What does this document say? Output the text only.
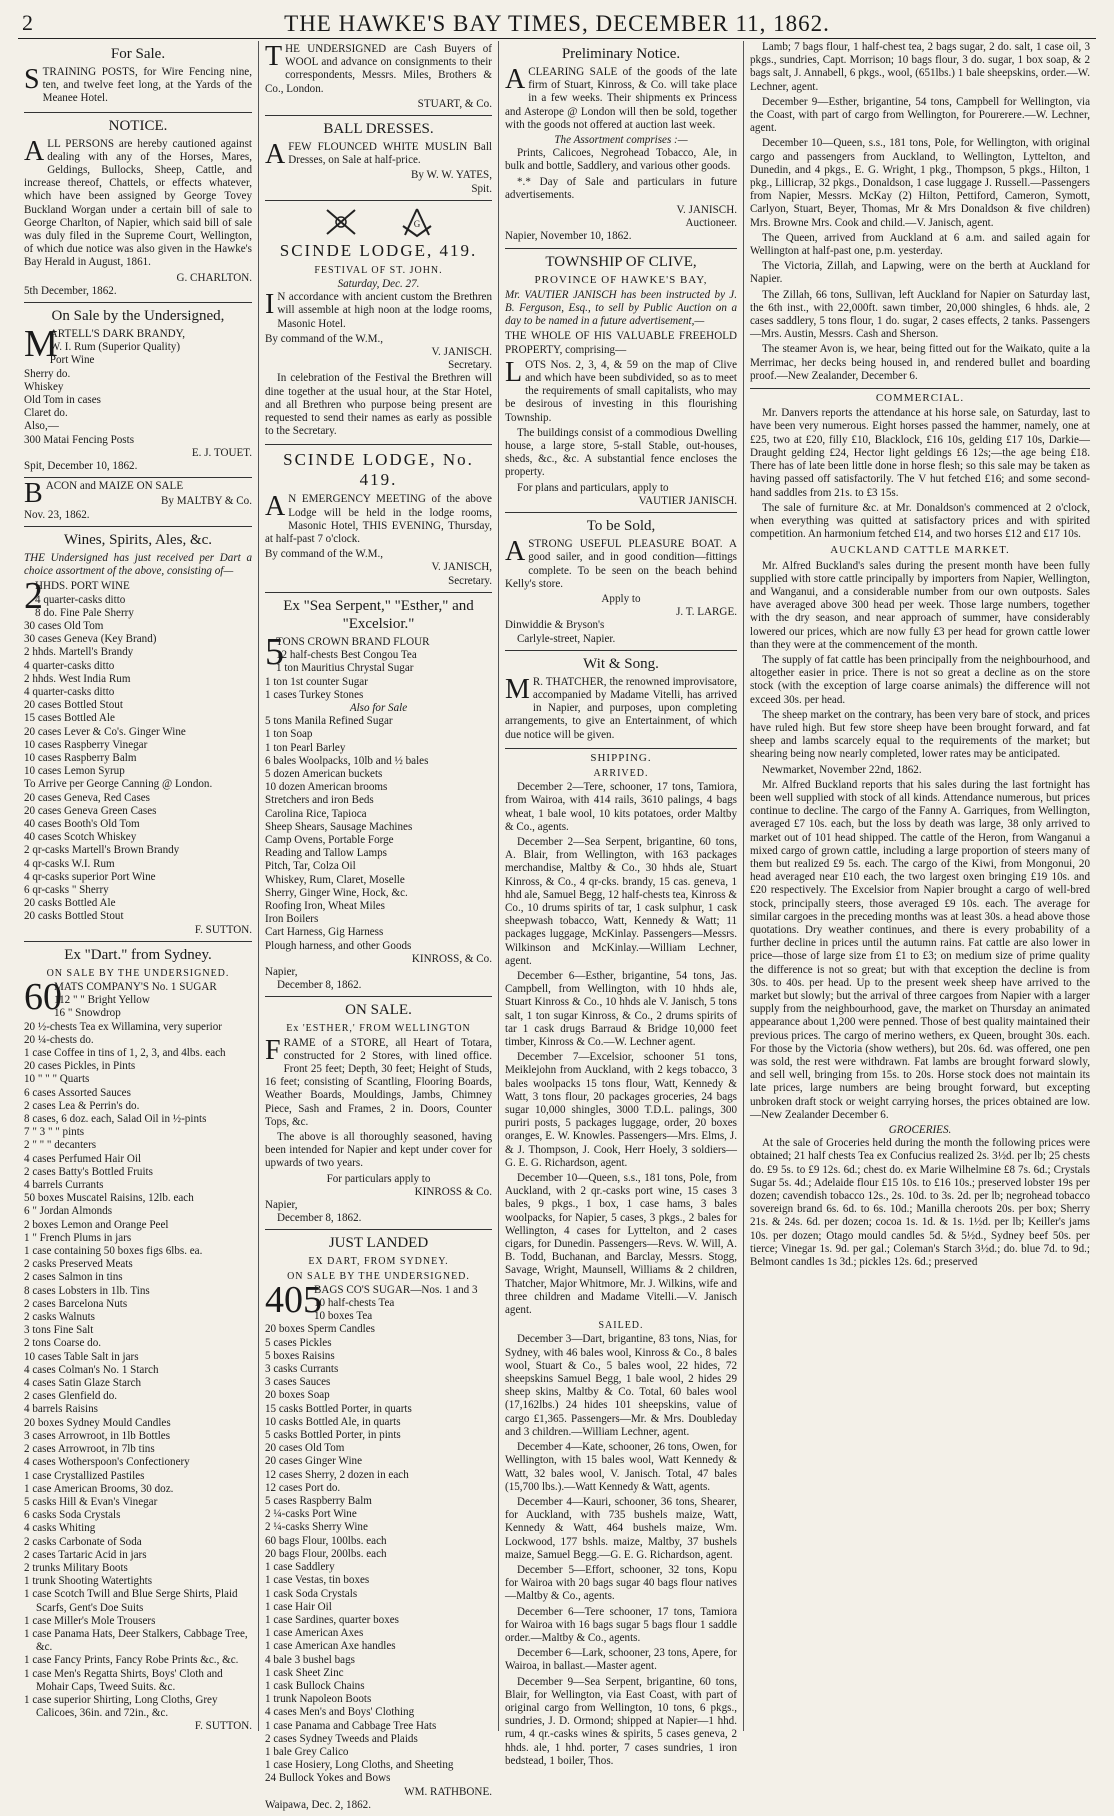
2	THE HAWKE'S BAY TIMES, DECEMBER 11, 1862.
For Sale.

STRAINING POSTS, for Wire Fencing nine, ten, and twelve feet long, at the Yards of the Meanee Hotel.

NOTICE.

ALL PERSONS are hereby cautioned against dealing with any of the Horses, Mares, Geldings, Bullocks, Sheep, Cattle, and increase thereof, Chattels, or effects whatever, which have been assigned by George Tovey Buckland Worgan under a certain bill of sale to George Charlton, of Napier, which said bill of sale was duly filed in the Supreme Court, Wellington, of which due notice was also given in the Hawke's Bay Herald in August, 1861.

G. CHARLTON.
5th December, 1862.
On Sale by the Undersigned,
M
ARTELL'S DARK BRANDY,
W. I. Rum (Superior Quality)
Port Wine
Sherry do.
Whiskey
Old Tom in cases
Claret do.
Also,—
300 Matai Fencing Posts
E. J. TOUET.
Spit, December 10, 1862.

BACON and MAIZE ON SALE

By MALTBY & Co.
Nov. 23, 1862.
Wines, Spirits, Ales, &c.

THE Undersigned has just received per Dart a choice assortment of the above, consisting of—

2
HHDS. PORT WINE
4 quarter-casks ditto
8 do. Fine Pale Sherry
30 cases Old Tom
30 cases Geneva (Key Brand)
2 hhds. Martell's Brandy
4 quarter-casks ditto
2 hhds. West India Rum
4 quarter-casks ditto
20 cases Bottled Stout
15 cases Bottled Ale
20 cases Lever & Co's. Ginger Wine
10 cases Raspberry Vinegar
10 cases Raspberry Balm
10 cases Lemon Syrup
To Arrive per George Canning @ London.
20 cases Geneva, Red Cases
20 cases Geneva Green Cases
40 cases Booth's Old Tom
40 cases Scotch Whiskey
2 qr-casks Martell's Brown Brandy
4 qr-casks W.I. Rum
4 qr-casks superior Port Wine
6 qr-casks " Sherry
20 casks Bottled Ale
20 casks Bottled Stout
F. SUTTON.
Ex "Dart." from Sydney.
ON SALE BY THE UNDERSIGNED.
60
MATS COMPANY'S No. 1 SUGAR
112 " " Bright Yellow
16 " Snowdrop
20 ½-chests Tea ex Willamina, very superior
20 ¼-chests do.
1 case Coffee in tins of 1, 2, 3, and 4lbs. each
20 cases Pickles, in Pints
10 " " " Quarts
6 cases Assorted Sauces
2 cases Lea & Perrin's do.
8 cases, 6 doz. each, Salad Oil in ½-pints
7 " 3 " " pints
2 " " " decanters
4 cases Perfumed Hair Oil
2 cases Batty's Bottled Fruits
4 barrels Currants
50 boxes Muscatel Raisins, 12lb. each
6 " Jordan Almonds
2 boxes Lemon and Orange Peel
1 " French Plums in jars
1 case containing 50 boxes figs 6lbs. ea.
2 casks Preserved Meats
2 cases Salmon in tins
8 cases Lobsters in 1lb. Tins
2 cases Barcelona Nuts
2 casks Walnuts
3 tons Fine Salt
2 tons Coarse do.
10 cases Table Salt in jars
4 cases Colman's No. 1 Starch
4 cases Satin Glaze Starch
2 cases Glenfield do.
4 barrels Raisins
20 boxes Sydney Mould Candles
3 cases Arrowroot, in 1lb Bottles
2 cases Arrowroot, in 7lb tins
4 cases Wotherspoon's Confectionery
1 case Crystallized Pastiles
1 case American Brooms, 30 doz.
5 casks Hill & Evan's Vinegar
6 casks Soda Crystals
4 casks Whiting
2 casks Carbonate of Soda
2 cases Tartaric Acid in jars
2 trunks Military Boots
1 trunk Shooting Watertights
1 case Scotch Twill and Blue Serge Shirts, Plaid Scarfs, Gent's Doe Suits
1 case Miller's Mole Trousers
1 case Panama Hats, Deer Stalkers, Cabbage Tree, &c.
1 case Fancy Prints, Fancy Robe Prints &c., &c.
1 case Men's Regatta Shirts, Boys' Cloth and Mohair Caps, Tweed Suits. &c.
1 case superior Shirting, Long Cloths, Grey Calicoes, 36in. and 72in., &c.
F. SUTTON.

THE UNDERSIGNED are Cash Buyers of WOOL and advance on consignments to their correspondents, Messrs. Miles, Brothers & Co., London.

STUART, & Co.
BALL DRESSES.

AFEW FLOUNCED WHITE MUSLIN Ball Dresses, on Sale at half-price.

By W. W. YATES,
Spit.
G
SCINDE LODGE, 419.
FESTIVAL OF ST. JOHN.
Saturday, Dec. 27.

I N accordance with ancient custom the Brethren will assemble at high noon at the lodge rooms, Masonic Hotel.

By command of the W.M.,
V. JANISCH.
Secretary.

In celebration of the Festival the Brethren will dine together at the usual hour, at the Star Hotel, and all Brethren who purpose being present are requested to send their names as early as possible to the Secretary.

SCINDE LODGE, No. 419.

A N EMERGENCY MEETING of the above Lodge will be held in the lodge rooms, Masonic Hotel, THIS EVENING, Thursday, at half-past 7 o'clock.

By command of the W.M.,
V. JANISCH,
Secretary.
Ex "Sea Serpent," "Esther," and "Excelsior."
5
TONS CROWN BRAND FLOUR
12 half-chests Best Congou Tea
1 ton Mauritius Chrystal Sugar
1 ton 1st counter Sugar
1 cases Turkey Stones
Also for Sale
5 tons Manila Refined Sugar
1 ton Soap
1 ton Pearl Barley
6 bales Woolpacks, 10lb and ½ bales
5 dozen American buckets
10 dozen American brooms
Stretchers and iron Beds
Carolina Rice, Tapioca
Sheep Shears, Sausage Machines
Camp Ovens, Portable Forge
Reading and Tallow Lamps
Pitch, Tar, Colza Oil
Whiskey, Rum, Claret, Moselle
Sherry, Ginger Wine, Hock, &c.
Roofing Iron, Wheat Miles
Iron Boilers
Cart Harness, Gig Harness
Plough harness, and other Goods
KINROSS, & Co.
Napier,
December 8, 1862.
ON SALE.
Ex 'ESTHER,' FROM WELLINGTON

FRAME of a STORE, all Heart of Totara, constructed for 2 Stores, with lined office. Front 25 feet; Depth, 30 feet; Height of Studs, 16 feet; consisting of Scantling, Flooring Boards, Weather Boards, Mouldings, Jambs, Chimney Piece, Sash and Frames, 2 in. Doors, Counter Tops, &c.

The above is all thoroughly seasoned, having been intended for Napier and kept under cover for upwards of two years.

For particulars apply to
KINROSS & Co.
Napier,
December 8, 1862.
JUST LANDED
EX DART, FROM SYDNEY.
ON SALE BY THE UNDERSIGNED.
405
BAGS CO'S SUGAR—Nos. 1 and 3
10 half-chests Tea
10 boxes Tea
20 boxes Sperm Candles
5 cases Pickles
5 boxes Raisins
3 casks Currants
3 cases Sauces
20 boxes Soap
15 casks Bottled Porter, in quarts
10 casks Bottled Ale, in quarts
5 casks Bottled Porter, in pints
20 cases Old Tom
20 cases Ginger Wine
12 cases Sherry, 2 dozen in each
12 cases Port do.
5 cases Raspberry Balm
2 ¼-casks Port Wine
2 ¼-casks Sherry Wine
60 bags Flour, 100lbs. each
20 bags Flour, 200lbs. each
1 case Saddlery
1 case Vestas, tin boxes
1 cask Soda Crystals
1 case Hair Oil
1 case Sardines, quarter boxes
1 case American Axes
1 case American Axe handles
4 bale 3 bushel bags
1 cask Sheet Zinc
1 cask Bullock Chains
1 trunk Napoleon Boots
4 cases Men's and Boys' Clothing
1 case Panama and Cabbage Tree Hats
2 cases Sydney Tweeds and Plaids
1 bale Grey Calico
1 case Hosiery, Long Cloths, and Sheeting
24 Bullock Yokes and Bows
WM. RATHBONE.
Waipawa, Dec. 2, 1862.
Preliminary Notice.

ACLEARING SALE of the goods of the late firm of Stuart, Kinross, & Co. will take place in a few weeks. Their shipments ex Princess and Asterope @ London will then be sold, together with the goods not offered at auction last week.

The Assortment comprises :—

Prints, Calicoes, Negrohead Tobacco, Ale, in bulk and bottle, Saddlery, and various other goods.

*.* Day of Sale and particulars in future advertisements.

V. JANISCH.
Auctioneer.
Napier, November 10, 1862.
TOWNSHIP OF CLIVE,
PROVINCE OF HAWKE'S BAY,

Mr. VAUTIER JANISCH has been instructed by J. B. Ferguson, Esq., to sell by Public Auction on a day to be named in a future advertisement,—

THE WHOLE OF HIS VALUABLE FREEHOLD PROPERTY, comprising—

LOTS Nos. 2, 3, 4, & 59 on the map of Clive and which have been subdivided, so as to meet the requirements of small capitalists, who may be desirous of investing in this flourishing Township.

The buildings consist of a commodious Dwelling house, a large store, 5-stall Stable, out-houses, sheds, &c., &c. A substantial fence encloses the property.

For plans and particulars, apply to
VAUTIER JANISCH.
To be Sold,

ASTRONG USEFUL PLEASURE BOAT. A good sailer, and in good condition—fittings complete. To be seen on the beach behind Kelly's store.

Apply to
J. T. LARGE.
Dinwiddie & Bryson's
Carlyle-street, Napier.
Wit & Song.

M R. THATCHER, the renowned improvisatore, accompanied by Madame Vitelli, has arrived in Napier, and purposes, upon completing arrangements, to give an Entertainment, of which due notice will be given.

SHIPPING.
ARRIVED.

December 2—Tere, schooner, 17 tons, Tamiora, from Wairoa, with 414 rails, 3610 palings, 4 bags wheat, 1 bale wool, 10 kits potatoes, order Maltby & Co., agents.

December 2—Sea Serpent, brigantine, 60 tons, A. Blair, from Wellington, with 163 packages merchandise, Maltby & Co., 30 hhds ale, Stuart Kinross, & Co., 4 qr-cks. brandy, 15 cas. geneva, 1 hhd ale, Samuel Begg, 12 half-chests tea, Kinross & Co., 10 drums spirits of tar, 1 cask sulphur, 1 cask sheepwash tobacco, Watt, Kennedy & Watt; 11 packages luggage, McKinlay. Passengers—Messrs. Wilkinson and McKinlay.—William Lechner, agent.

December 6—Esther, brigantine, 54 tons, Jas. Campbell, from Wellington, with 10 hhds ale, Stuart Kinross & Co., 10 hhds ale V. Janisch, 5 tons salt, 1 ton sugar Kinross, & Co., 2 drums spirits of tar 1 cask drugs Barraud & Bridge 10,000 feet timber, Kinross & Co.—W. Lechner agent.

December 7—Excelsior, schooner 51 tons, Meiklejohn from Auckland, with 2 kegs tobacco, 3 bales woolpacks 15 tons flour, Watt, Kennedy & Watt, 3 tons flour, 20 packages groceries, 24 bags sugar 10,000 shingles, 3000 T.D.L. palings, 300 puriri posts, 5 packages luggage, order, 20 boxes oranges, E. W. Knowles. Passengers—Mrs. Elms, J. & J. Thompson, J. Cook, Herr Hoely, 3 soldiers—G. E. G. Richardson, agent.

December 10—Queen, s.s., 181 tons, Pole, from Auckland, with 2 qr.-casks port wine, 15 cases 3 bales, 9 pkgs., 1 box, 1 case hams, 3 bales woolpacks, for Napier, 5 cases, 3 pkgs., 2 bales for Wellington, 4 cases for Lyttelton, and 2 cases cigars, for Dunedin. Passengers—Revs. W. Will, A. B. Todd, Buchanan, and Barclay, Messrs. Stogg, Savage, Wright, Maunsell, Williams & 2 children, Thatcher, Major Whitmore, Mr. J. Wilkins, wife and three children and Madame Vitelli.—V. Janisch agent.

SAILED.

December 3—Dart, brigantine, 83 tons, Nias, for Sydney, with 46 bales wool, Kinross & Co., 8 bales wool, Stuart & Co., 5 bales wool, 22 hides, 72 sheepskins Samuel Begg, 1 bale wool, 2 hides 29 sheep skins, Maltby & Co. Total, 60 bales wool (17,162lbs.) 24 hides 101 sheepskins, value of cargo £1,365. Passengers—Mr. & Mrs. Doubleday and 3 children.—William Lechner, agent.

December 4—Kate, schooner, 26 tons, Owen, for Wellington, with 15 bales wool, Watt Kennedy & Watt, 32 bales wool, V. Janisch. Total, 47 bales (15,700 lbs.).—Watt Kennedy & Watt, agents.

December 4—Kauri, schooner, 36 tons, Shearer, for Auckland, with 735 bushels maize, Watt, Kennedy & Watt, 464 bushels maize, Wm. Lockwood, 177 bshls. maize, Maltby, 37 bushels maize, Samuel Begg.—G. E. G. Richardson, agent.

December 5—Effort, schooner, 32 tons, Kopu for Wairoa with 20 bags sugar 40 bags flour natives—Maltby & Co., agents.

December 6—Tere schooner, 17 tons, Tamiora for Wairoa with 16 bags sugar 5 bags flour 1 saddle order.—Maltby & Co., agents.

December 6—Lark, schooner, 23 tons, Apere, for Wairoa, in ballast.—Master agent.

December 9—Sea Serpent, brigantine, 60 tons, Blair, for Wellington, via East Coast, with part of original cargo from Wellington, 10 tons, 6 pkgs., sundries, J. D. Ormond; shipped at Napier—1 hhd. rum, 4 qr.-casks wines & spirits, 5 cases geneva, 2 hhds. ale, 1 hhd. porter, 7 cases sundries, 1 iron bedstead, 1 boiler, Thos.

Lamb; 7 bags flour, 1 half-chest tea, 2 bags sugar, 2 do. salt, 1 case oil, 3 pkgs., sundries, Capt. Morrison; 10 bags flour, 3 do. sugar, 1 box soap, & 2 bags salt, J. Annabell, 6 pkgs., wool, (651lbs.) 1 bale sheepskins, order.—W. Lechner, agent.

December 9—Esther, brigantine, 54 tons, Campbell for Wellington, via the Coast, with part of cargo from Wellington, for Pourerere.—W. Lechner, agent.

December 10—Queen, s.s., 181 tons, Pole, for Wellington, with original cargo and passengers from Auckland, to Wellington, Lyttelton, and Dunedin, and 4 pkgs., E. G. Wright, 1 pkg., Thompson, 5 pkgs., Hilton, 1 pkg., Lillicrap, 32 pkgs., Donaldson, 1 case luggage J. Russell.—Passengers from Napier, Messrs. McKay (2) Hilton, Pettiford, Cameron, Symott, Carlyon, Stuart, Beyer, Thomas, Mr & Mrs Donaldson & five children) Mrs. Browne Mrs. Cook and child.—V. Janisch, agent.

The Queen, arrived from Auckland at 6 a.m. and sailed again for Wellington at half-past one, p.m. yesterday.

The Victoria, Zillah, and Lapwing, were on the berth at Auckland for Napier.

The Zillah, 66 tons, Sullivan, left Auckland for Napier on Saturday last, the 6th inst., with 22,000ft. sawn timber, 20,000 shingles, 6 hhds. ale, 2 cases saddlery, 5 tons flour, 1 do. sugar, 2 cases effects, 2 tanks. Passengers—Mrs. Austin, Messrs. Cash and Sherson.

The steamer Avon is, we hear, being fitted out for the Waikato, quite a la Merrimac, her decks being housed in, and rendered bullet and boarding proof.—New Zealander, December 6.

COMMERCIAL.

Mr. Danvers reports the attendance at his horse sale, on Saturday, last to have been very numerous. Eight horses passed the hammer, namely, one at £25, two at £20, filly £10, Blacklock, £16 10s, gelding £17 10s, Darkie—Draught gelding £24, Hector light geldings £6 12s;—the age being £18. There has of late been little done in horse flesh; so this sale may be taken as having passed off satisfactorily. The V hut fetched £16; and some second-hand saddles from 21s. to £3 15s.

The sale of furniture &c. at Mr. Donaldson's commenced at 2 o'clock, when everything was quitted at satisfactory prices and with spirited competition. An harmonium fetched £14, and two horses £12 and £17 10s.

AUCKLAND CATTLE MARKET.

Mr. Alfred Buckland's sales during the present month have been fully supplied with store cattle principally by importers from Napier, Wellington, and Wanganui, and a considerable number from our own outposts. Sales have averaged above 300 head per week. Those large numbers, together with the dry season, and near approach of summer, have considerably lowered our prices, which are now fully £3 per head for grown cattle lower than they were at the commencement of the month.

The supply of fat cattle has been principally from the neighbourhood, and altogether easier in price. There is not so great a decline as on the store stock (with the exception of large coarse animals) the difference will not exceed 30s. per head.

The sheep market on the contrary, has been very bare of stock, and prices have ruled high. But few store sheep have been brought forward, and fat sheep and lambs scarcely equal to the requirements of the market; but shearing being now nearly completed, lower rates may be anticipated.

Newmarket, November 22nd, 1862.

Mr. Alfred Buckland reports that his sales during the last fortnight has been well supplied with stock of all kinds. Attendance numerous, but prices continue to decline. The cargo of the Fanny A. Garriques, from Wellington, averaged £7 10s. each, but the loss by death was large, 38 only arrived to market out of 101 head shipped. The cattle of the Heron, from Wanganui a mixed cargo of grown cattle, including a large proportion of steers many of them but realized £9 5s. each. The cargo of the Kiwi, from Mongonui, 20 head averaged near £10 each, the two largest oxen bringing £19 10s. and £20 respectively. The Excelsior from Napier brought a cargo of well-bred stock, principally steers, those averaged £9 10s. each. The average for similar cargoes in the preceding months was at least 30s. a head above those quotations. Dry weather continues, and there is every probability of a further decline in prices until the autumn rains. Fat cattle are also lower in price—those of large size from £1 to £3; on medium size of prime quality the difference is not so great; but with that exception the decline is from 30s. to 40s. per head. Up to the present week sheep have arrived to the market but slowly; but the arrival of three cargoes from Napier with a larger supply from the neighbourhood, gave, the market on Thursday an animated appearance about 1,200 were penned. Those of best quality maintained their previous prices. The cargo of merino wethers, ex Queen, brought 30s. each. For those by the Victoria (show wethers), but 20s. 6d. was offered, one pen was sold, the rest were withdrawn. Fat lambs are brought forward slowly, and sell well, bringing from 15s. to 20s. Horse stock does not maintain its late prices, large numbers are being brought forward, but excepting unbroken draft stock or weight carrying horses, the prices obtained are low.—New Zealander December 6.

GROCERIES.

At the sale of Groceries held during the month the following prices were obtained; 21 half chests Tea ex Confucius realized 2s. 3½d. per lb; 25 chests do. £9 5s. to £9 12s. 6d.; chest do. ex Marie Wilhelmine £8 7s. 6d.; Crystals Sugar 5s. 4d.; Adelaide flour £15 10s. to £16 10s.; preserved lobster 19s per dozen; cavendish tobacco 12s., 2s. 10d. to 3s. 2d. per lb; negrohead tobacco sovereign brand 6s. 6d. to 6s. 10d.; Manilla cheroots 20s. per box; Sherry 21s. & 24s. 6d. per dozen; cocoa 1s. 1d. & 1s. 1½d. per lb; Keiller's jams 10s. per dozen; Otago mould candles 5d. & 5½d., Sydney beef 50s. per tierce; Vinegar 1s. 9d. per gal.; Coleman's Starch 3½d.; do. blue 7d. to 9d.; Belmont candles 1s 3d.; pickles 12s. 6d.; preserved
